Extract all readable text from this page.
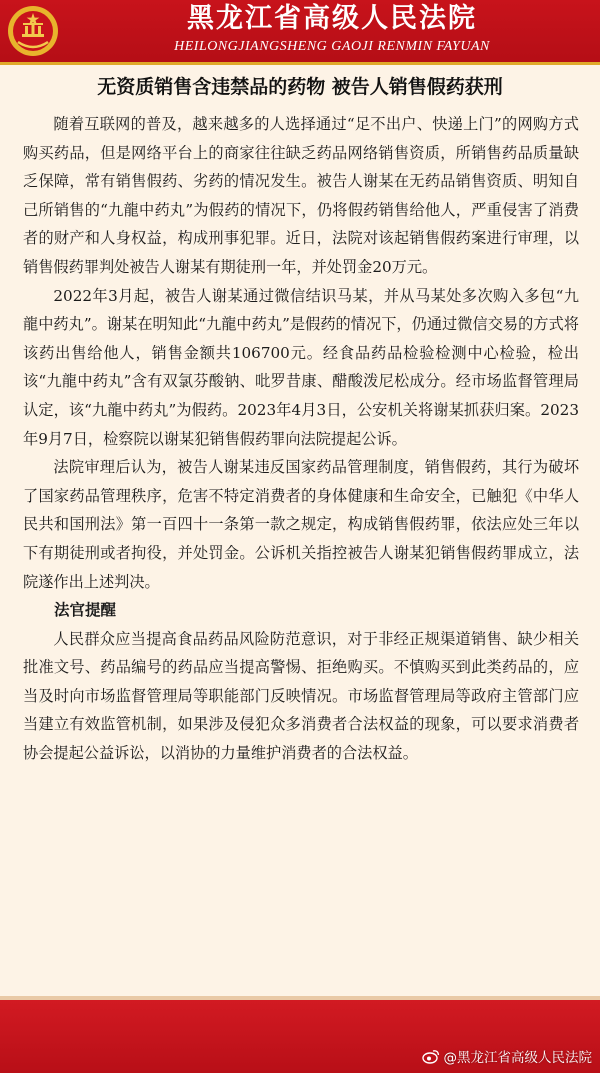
黑龙江省高级人民法院
HEILONGJIANGSHENG GAOJI RENMIN FAYUAN
无资质销售含违禁品的药物 被告人销售假药获刑

随着互联网的普及，越来越多的人选择通过“足不出户、快递上门”的网购方式购买药品，但是网络平台上的商家往往缺乏药品网络销售资质，所销售药品质量缺乏保障，常有销售假药、劣药的情况发生。被告人谢某在无药品销售资质、明知自己所销售的“九龍中药丸”为假药的情况下，仍将假药销售给他人，严重侵害了消费者的财产和人身权益，构成刑事犯罪。近日，法院对该起销售假药案进行审理，以销售假药罪判处被告人谢某有期徒刑一年，并处罚金20万元。

2022年3月起，被告人谢某通过微信结识马某，并从马某处多次购入多包“九龍中药丸”。谢某在明知此“九龍中药丸”是假药的情况下，仍通过微信交易的方式将该药出售给他人，销售金额共106700元。经食品药品检验检测中心检验，检出该“九龍中药丸”含有双氯芬酸钠、吡罗昔康、醋酸泼尼松成分。经市场监督管理局认定，该“九龍中药丸”为假药。2023年4月3日，公安机关将谢某抓获归案。2023年9月7日，检察院以谢某犯销售假药罪向法院提起公诉。

法院审理后认为，被告人谢某违反国家药品管理制度，销售假药，其行为破坏了国家药品管理秩序，危害不特定消费者的身体健康和生命安全，已触犯《中华人民共和国刑法》第一百四十一条第一款之规定，构成销售假药罪，依法应处三年以下有期徒刑或者拘役，并处罚金。公诉机关指控被告人谢某犯销售假药罪成立，法院遂作出上述判决。

法官提醒

人民群众应当提高食品药品风险防范意识，对于非经正规渠道销售、缺少相关批准文号、药品编号的药品应当提高警惕、拒绝购买。不慎购买到此类药品的，应当及时向市场监督管理局等职能部门反映情况。市场监督管理局等政府主管部门应当建立有效监管机制，如果涉及侵犯众多消费者合法权益的现象，可以要求消费者协会提起公益诉讼，以消协的力量维护消费者的合法权益。

@黑龙江省高级人民法院
